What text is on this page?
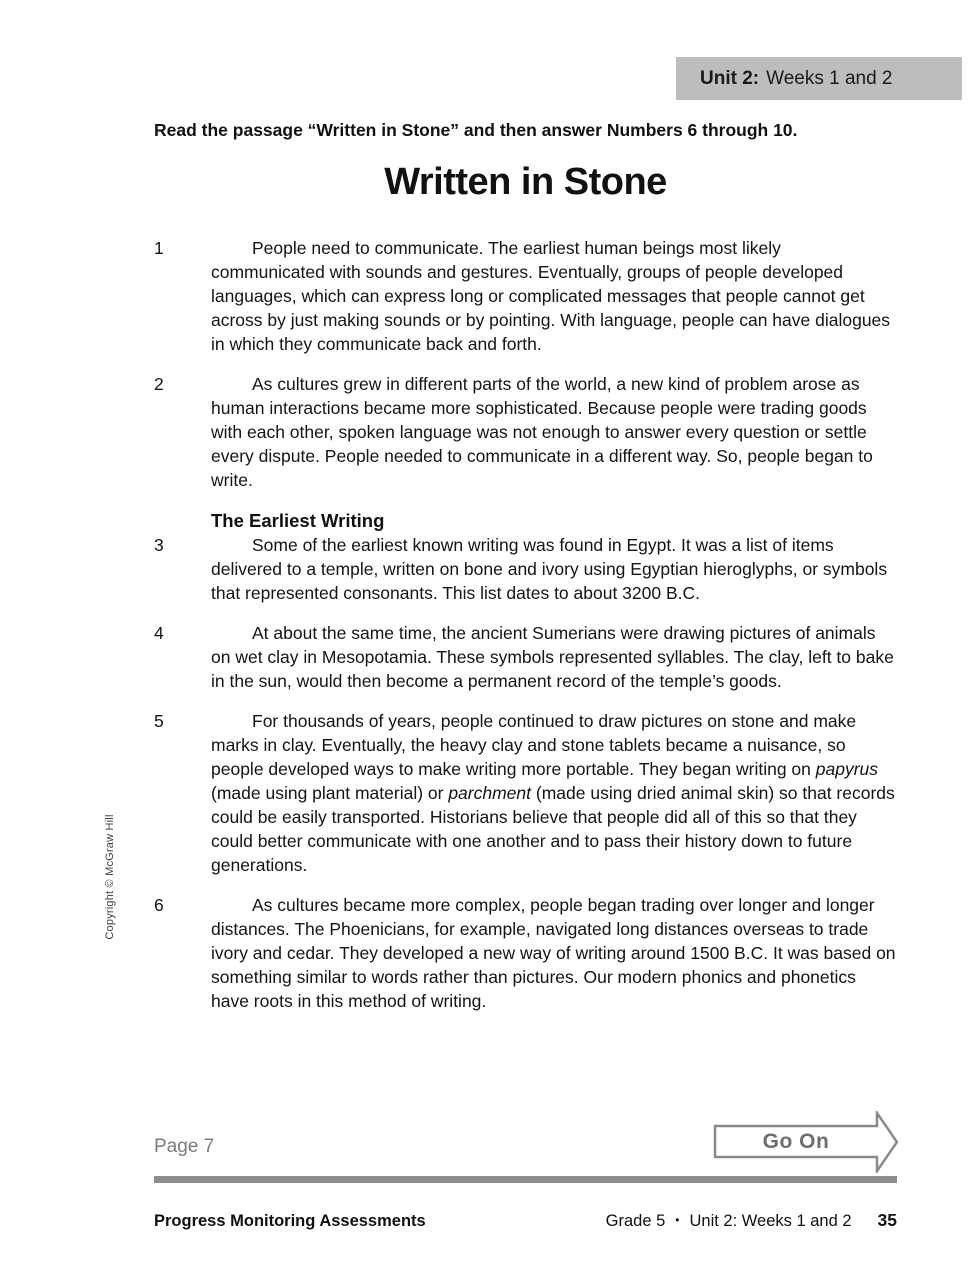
Unit 2: Weeks 1 and 2

Read the passage “Written in Stone” and then answer Numbers 6 through 10.

Written in Stone
1	People need to communicate. The earliest human beings most likely communicated with sounds and gestures. Eventually, groups of people developed languages, which can express long or complicated messages that people cannot get across by just making sounds or by pointing. With language, people can have dialogues in which they communicate back and forth.
2	As cultures grew in different parts of the world, a new kind of problem arose as human interactions became more sophisticated. Because people were trading goods with each other, spoken language was not enough to answer every question or settle every dispute. People needed to communicate in a different way. So, people began to write.
The Earliest Writing
3	Some of the earliest known writing was found in Egypt. It was a list of items delivered to a temple, written on bone and ivory using Egyptian hieroglyphs, or symbols that represented consonants. This list dates to about 3200 B.C.
4	At about the same time, the ancient Sumerians were drawing pictures of animals on wet clay in Mesopotamia. These symbols represented syllables. The clay, left to bake in the sun, would then become a permanent record of the temple’s goods.
5	For thousands of years, people continued to draw pictures on stone and make marks in clay. Eventually, the heavy clay and stone tablets became a nuisance, so people developed ways to make writing more portable. They began writing on papyrus (made using plant material) or parchment (made using dried animal skin) so that records could be easily transported. Historians believe that people did all of this so that they could better communicate with one another and to pass their history down to future generations.
6	As cultures became more complex, people began trading over longer and longer distances. The Phoenicians, for example, navigated long distances overseas to trade ivory and cedar. They developed a new way of writing around 1500 B.C. It was based on something similar to words rather than pictures. Our modern phonics and phonetics have roots in this method of writing.
Copyright © McGraw Hill
Page 7	Go On
Progress Monitoring Assessments	Grade 5 • Unit 2: Weeks 1 and 2 35
